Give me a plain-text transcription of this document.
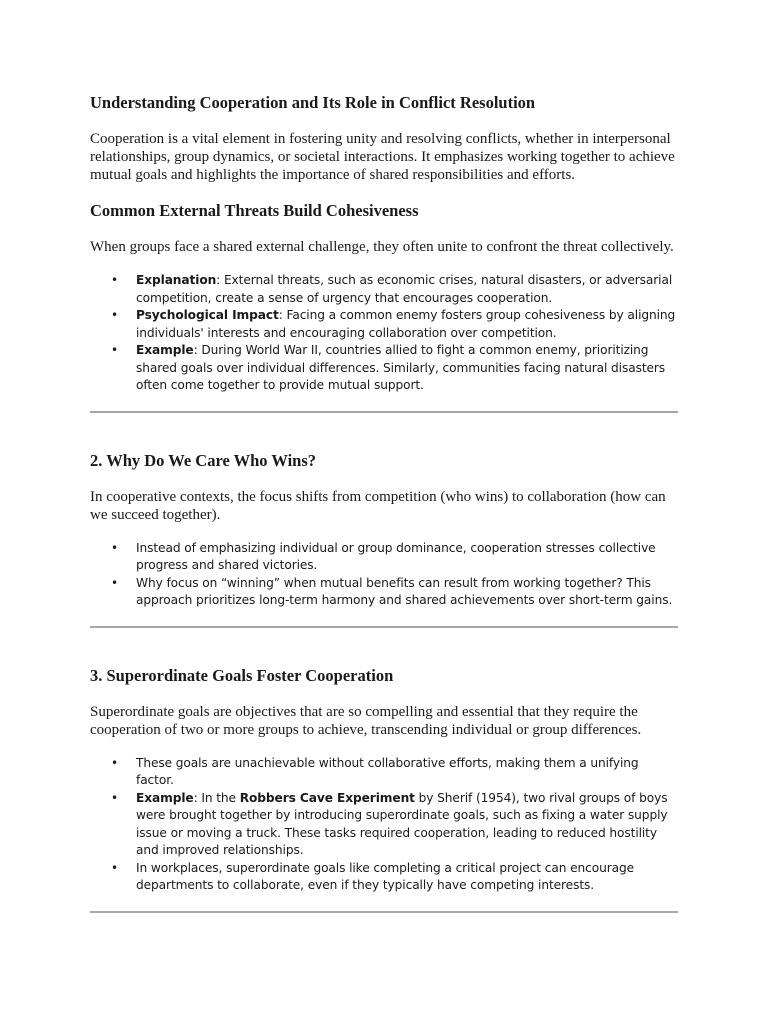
Understanding Cooperation and Its Role in Conflict Resolution

Cooperation is a vital element in fostering unity and resolving conflicts, whether in interpersonal relationships, group dynamics, or societal interactions. It emphasizes working together to achieve mutual goals and highlights the importance of shared responsibilities and efforts.

Common External Threats Build Cohesiveness

When groups face a shared external challenge, they often unite to confront the threat collectively.

• Explanation: External threats, such as economic crises, natural disasters, or adversarial competition, create a sense of urgency that encourages cooperation.
• Psychological Impact: Facing a common enemy fosters group cohesiveness by aligning individuals' interests and encouraging collaboration over competition.
• Example: During World War II, countries allied to fight a common enemy, prioritizing shared goals over individual differences. Similarly, communities facing natural disasters often come together to provide mutual support.
2. Why Do We Care Who Wins?

In cooperative contexts, the focus shifts from competition (who wins) to collaboration (how can we succeed together).

• Instead of emphasizing individual or group dominance, cooperation stresses collective progress and shared victories.
• Why focus on “winning” when mutual benefits can result from working together? This approach prioritizes long-term harmony and shared achievements over short-term gains.
3. Superordinate Goals Foster Cooperation

Superordinate goals are objectives that are so compelling and essential that they require the cooperation of two or more groups to achieve, transcending individual or group differences.

• These goals are unachievable without collaborative efforts, making them a unifying factor.
• Example: In the Robbers Cave Experiment by Sherif (1954), two rival groups of boys were brought together by introducing superordinate goals, such as fixing a water supply issue or moving a truck. These tasks required cooperation, leading to reduced hostility and improved relationships.
• In workplaces, superordinate goals like completing a critical project can encourage departments to collaborate, even if they typically have competing interests.
